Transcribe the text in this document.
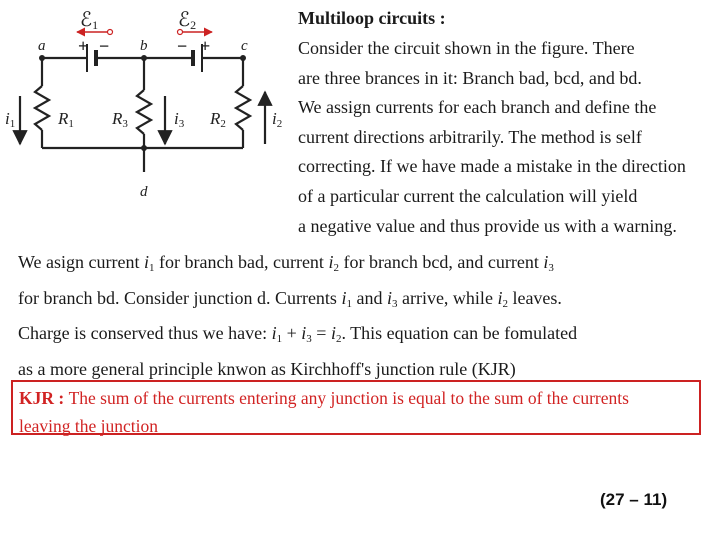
ℰ1	ℰ2
+ −	− +
a	b	c
d
R1 R3	R2
i1	i3	i2
Multiloop circuits :
Consider the circuit shown in the figure. There
are three brances in it: Branch bad, bcd, and bd.
We assign currents for each branch and define the
current directions arbitrarily. The method is self
correcting. If we have made a mistake in the direction
of a particular current the calculation will yield
a negative value and thus provide us with a warning.
We asign current $i_1$ for branch bad, current $i_2$ for branch bcd, and current $i_3$
for branch bd. Consider junction d. Currents $i_1$ and $i_3$ arrive, while $i_2$ leaves.
Charge is conserved thus we have: $i_1 + i_3 = i_2$. This equation can be fomulated
as a more general principle knwon as Kirchhoff's junction rule (KJR)
KJR : The sum of the currents entering any junction is equal to the sum of the currents
leaving the junction
(27 – 11)
